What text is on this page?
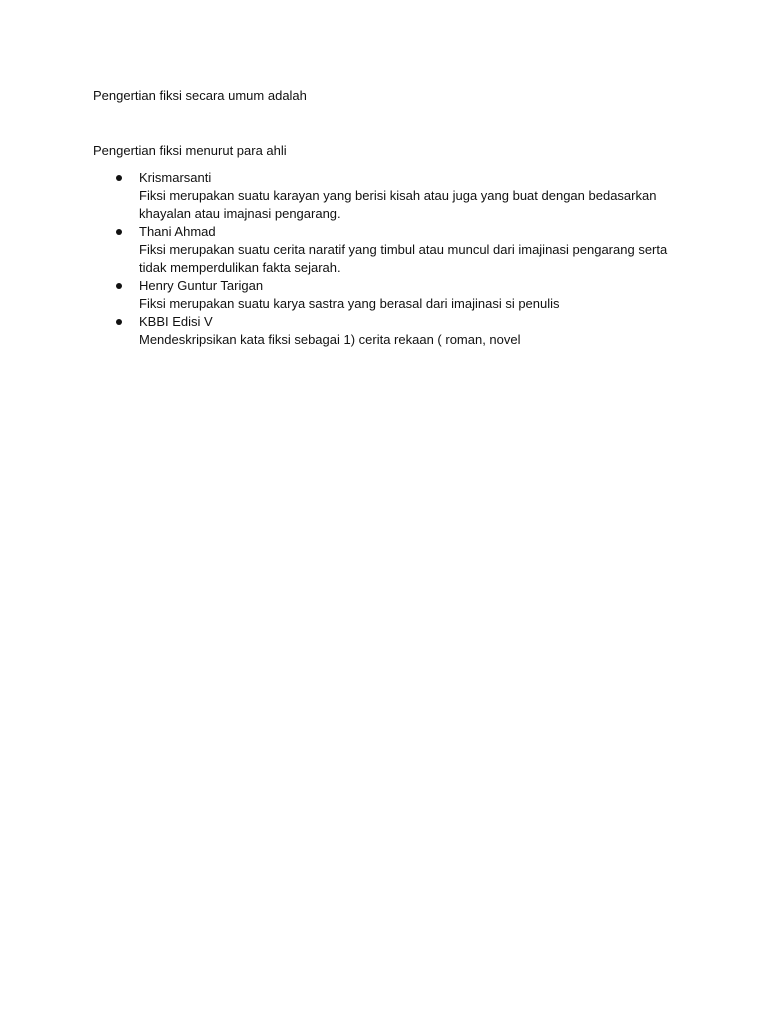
Pengertian fiksi secara umum adalah

Pengertian fiksi menurut para ahli

Krismarsanti
Fiksi merupakan suatu karayan yang berisi kisah atau juga yang buat dengan bedasarkan
khayalan atau imajnasi pengarang.
Thani Ahmad
Fiksi merupakan suatu cerita naratif yang timbul atau muncul dari imajinasi pengarang serta
tidak memperdulikan fakta sejarah.
Henry Guntur Tarigan
Fiksi merupakan suatu karya sastra yang berasal dari imajinasi si penulis
KBBI Edisi V
Mendeskripsikan kata fiksi sebagai 1) cerita rekaan ( roman, novel
